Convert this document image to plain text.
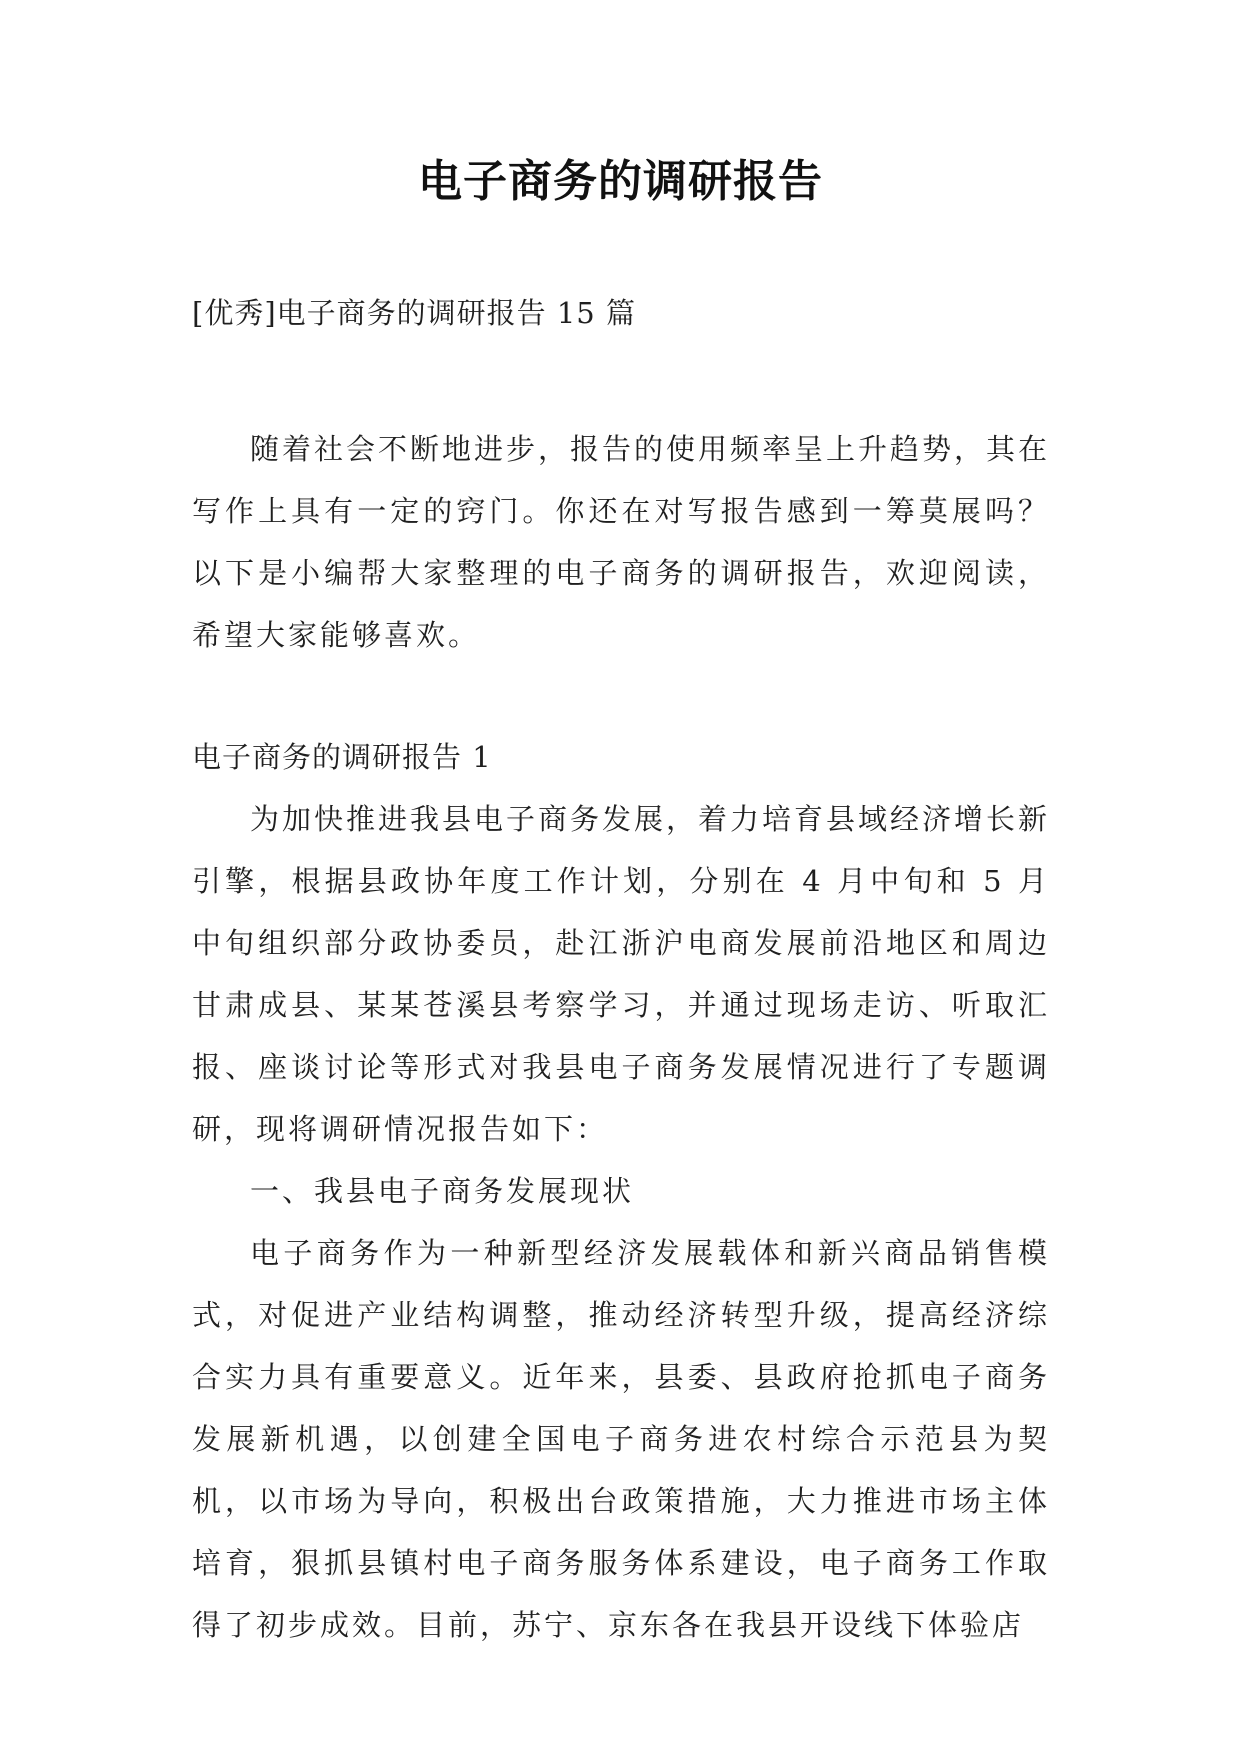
电子商务的调研报告

[优秀]电子商务的调研报告 15 篇

随着社会不断地进步，报告的使用频率呈上升趋势，其在写作上具有一定的窍门。你还在对写报告感到一筹莫展吗？以下是小编帮大家整理的电子商务的调研报告，欢迎阅读，希望大家能够喜欢。

电子商务的调研报告 1

为加快推进我县电子商务发展，着力培育县域经济增长新引擎，根据县政协年度工作计划，分别在 4 月中旬和 5 月中旬组织部分政协委员，赴江浙沪电商发展前沿地区和周边甘肃成县、某某苍溪县考察学习，并通过现场走访、听取汇报、座谈讨论等形式对我县电子商务发展情况进行了专题调研，现将调研情况报告如下：

一、我县电子商务发展现状

电子商务作为一种新型经济发展载体和新兴商品销售模式，对促进产业结构调整，推动经济转型升级，提高经济综合实力具有重要意义。近年来，县委、县政府抢抓电子商务发展新机遇，以创建全国电子商务进农村综合示范县为契机，以市场为导向，积极出台政策措施，大力推进市场主体培育，狠抓县镇村电子商务服务体系建设，电子商务工作取得了初步成效。目前，苏宁、京东各在我县开设线下体验店
